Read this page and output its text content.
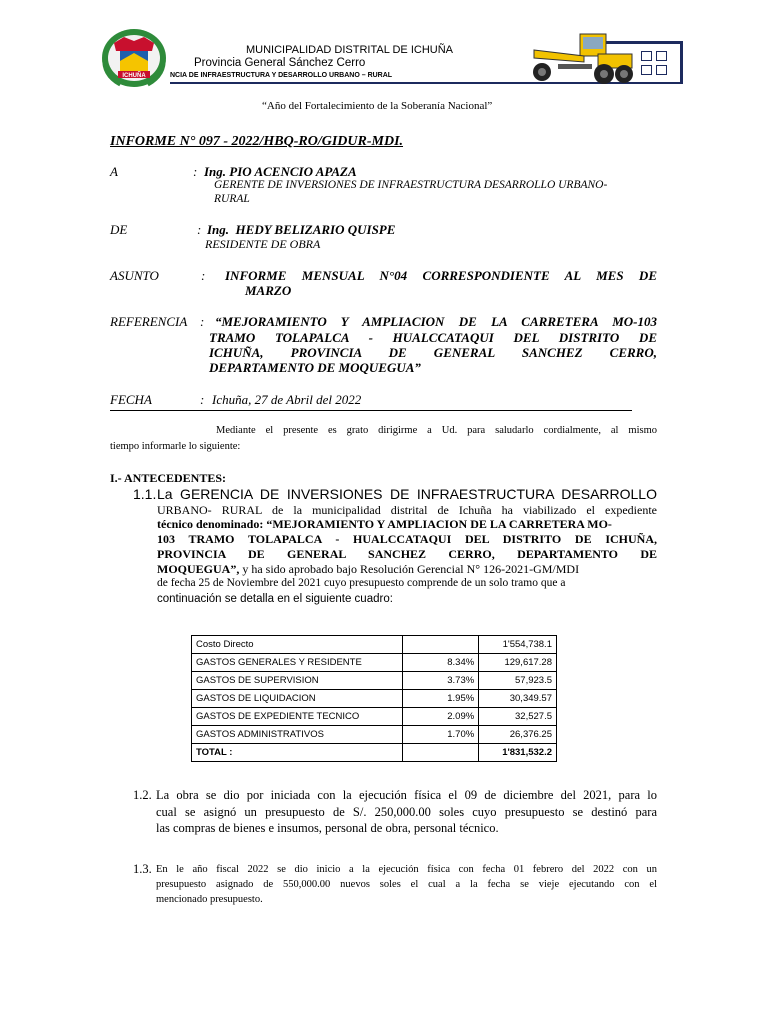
ICHUÑA
MUNICIPALIDAD DISTRITAL DE ICHUÑA
Provincia General Sánchez Cerro
NCIA DE INFRAESTRUCTURA Y DESARROLLO URBANO – RURAL
“Año del Fortalecimiento de la Soberanía Nacional”
INFORME N° 097 - 2022/HBQ-RO/GIDUR-MDI.
A	: Ing. PIO ACENCIO APAZA
GERENTE DE INVERSIONES DE INFRAESTRUCTURA DESARROLLO URBANO-
RURAL
DE	: Ing.  HEDY BELIZARIO QUISPE
RESIDENTE DE OBRA
ASUNTO	: INFORME MENSUAL N°04 CORRESPONDIENTE AL MES DE
MARZO
REFERENCIA : “MEJORAMIENTO Y AMPLIACION DE LA CARRETERA MO-103
TRAMO TOLAPALCA - HUALCCATAQUI DEL DISTRITO DE
ICHUÑA, PROVINCIA DE GENERAL SANCHEZ CERRO,
DEPARTAMENTO DE MOQUEGUA”
FECHA	: Ichuña, 27 de Abril del 2022
Mediante el presente es grato dirigirme a Ud. para saludarlo cordialmente, al mismo
tiempo informarle lo siguiente:
I.- ANTECEDENTES:
1.1. La GERENCIA DE INVERSIONES DE INFRAESTRUCTURA DESARROLLO
URBANO- RURAL de la municipalidad distrital de Ichuña ha viabilizado el expediente
técnico denominado: “MEJORAMIENTO Y AMPLIACION DE LA CARRETERA MO-
103 TRAMO TOLAPALCA - HUALCCATAQUI DEL DISTRITO DE ICHUÑA,
PROVINCIA DE GENERAL SANCHEZ CERRO, DEPARTAMENTO DE
MOQUEGUA”, y ha sido aprobado bajo Resolución Gerencial N° 126-2021-GM/MDI
de fecha 25 de Noviembre del 2021 cuyo presupuesto comprende de un solo tramo que a
continuación se detalla en el siguiente cuadro:
Costo Directo		1'554,738.1
GASTOS GENERALES Y RESIDENTE	8.34%	129,617.28
GASTOS DE SUPERVISION	3.73%	57,923.5
GASTOS DE LIQUIDACION	1.95%	30,349.57
GASTOS DE EXPEDIENTE TECNICO	2.09%	32,527.5
GASTOS ADMINISTRATIVOS	1.70%	26,376.25
TOTAL :		1'831,532.2
1.2. La obra se dio por iniciada con la ejecución física el 09 de diciembre del 2021, para lo
cual se asignó un presupuesto de S/. 250,000.00 soles cuyo presupuesto se destinó para
las compras de bienes e insumos, personal de obra, personal técnico.
1.3. En le año fiscal 2022 se dio inicio a la ejecución física con fecha 01 febrero del 2022 con un
presupuesto asignado de 550,000.00 nuevos soles el cual a la fecha se vieje ejecutando con el
mencionado presupuesto.
